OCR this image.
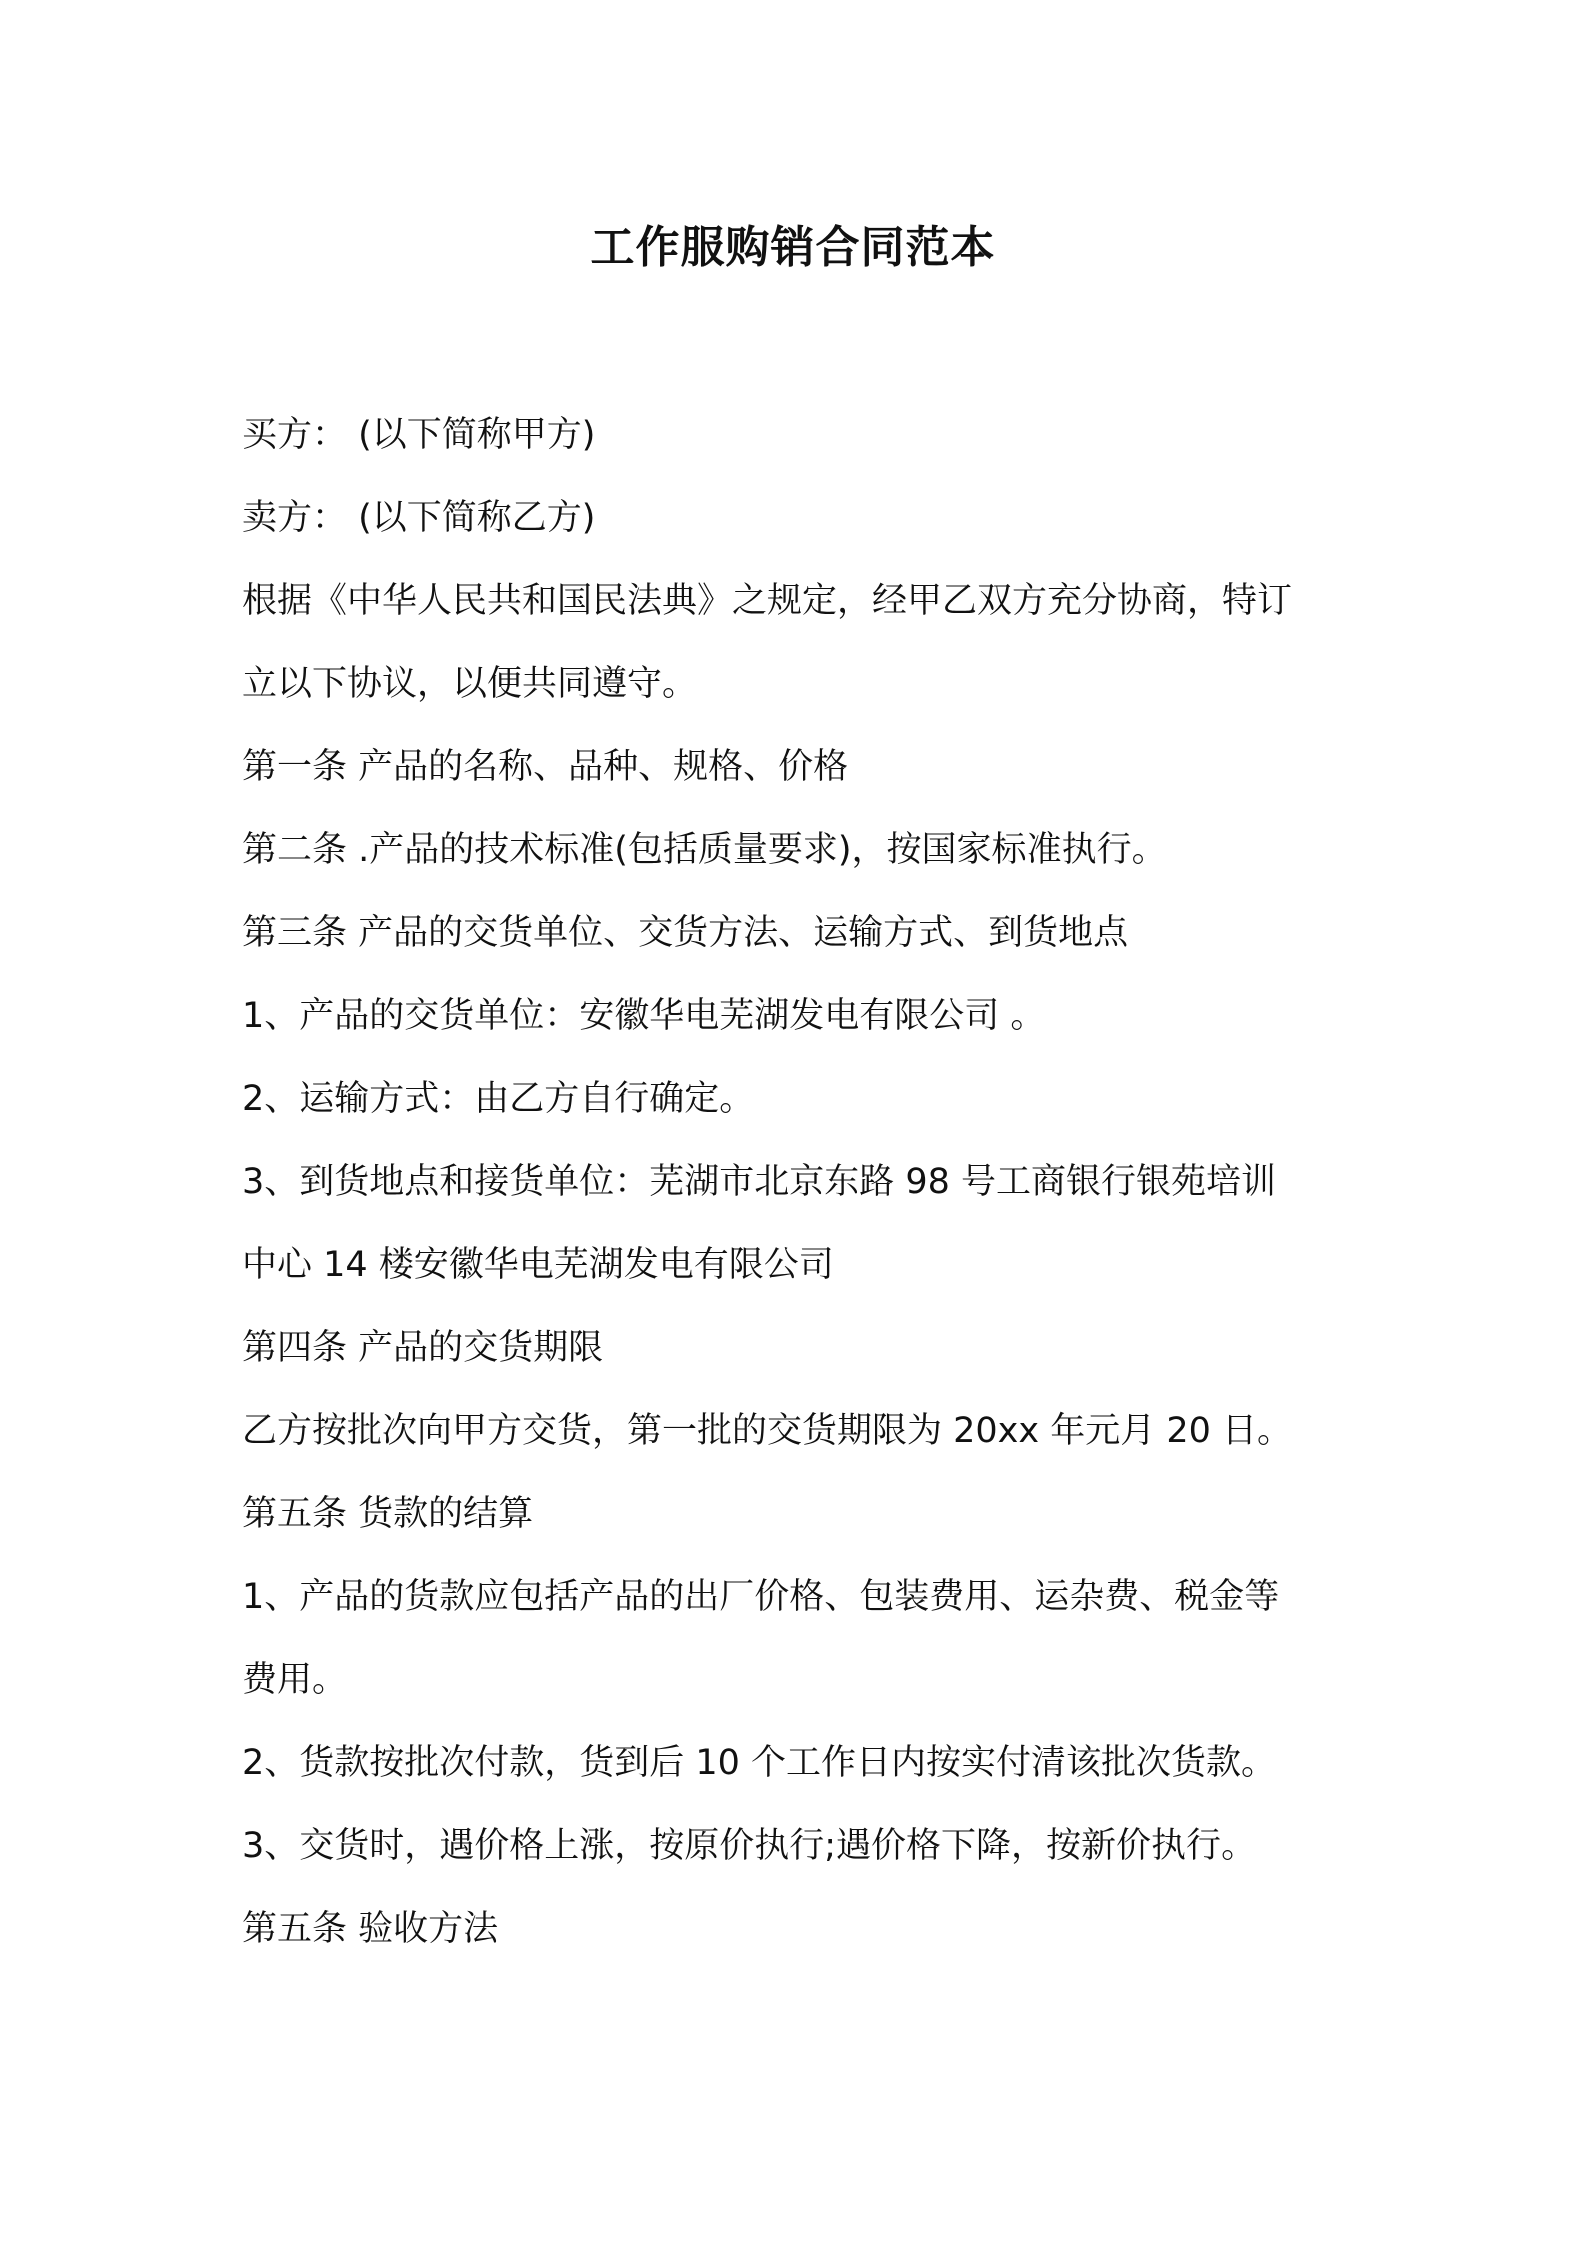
工作服购销合同范本
买方： (以下简称甲方)
卖方： (以下简称乙方)
根据《中华人民共和国民法典》之规定，经甲乙双方充分协商，特订
立以下协议，以便共同遵守。
第一条 产品的名称、品种、规格、价格
第二条 .产品的技术标准(包括质量要求)，按国家标准执行。
第三条 产品的交货单位、交货方法、运输方式、到货地点
1、产品的交货单位：安徽华电芜湖发电有限公司 。
2、运输方式：由乙方自行确定。
3、到货地点和接货单位：芜湖市北京东路 98 号工商银行银苑培训
中心 14 楼安徽华电芜湖发电有限公司
第四条 产品的交货期限
乙方按批次向甲方交货，第一批的交货期限为 20xx 年元月 20 日。
第五条 货款的结算
1、产品的货款应包括产品的出厂价格、包装费用、运杂费、税金等
费用。
2、货款按批次付款，货到后 10 个工作日内按实付清该批次货款。
3、交货时，遇价格上涨，按原价执行;遇价格下降，按新价执行。
第五条 验收方法
